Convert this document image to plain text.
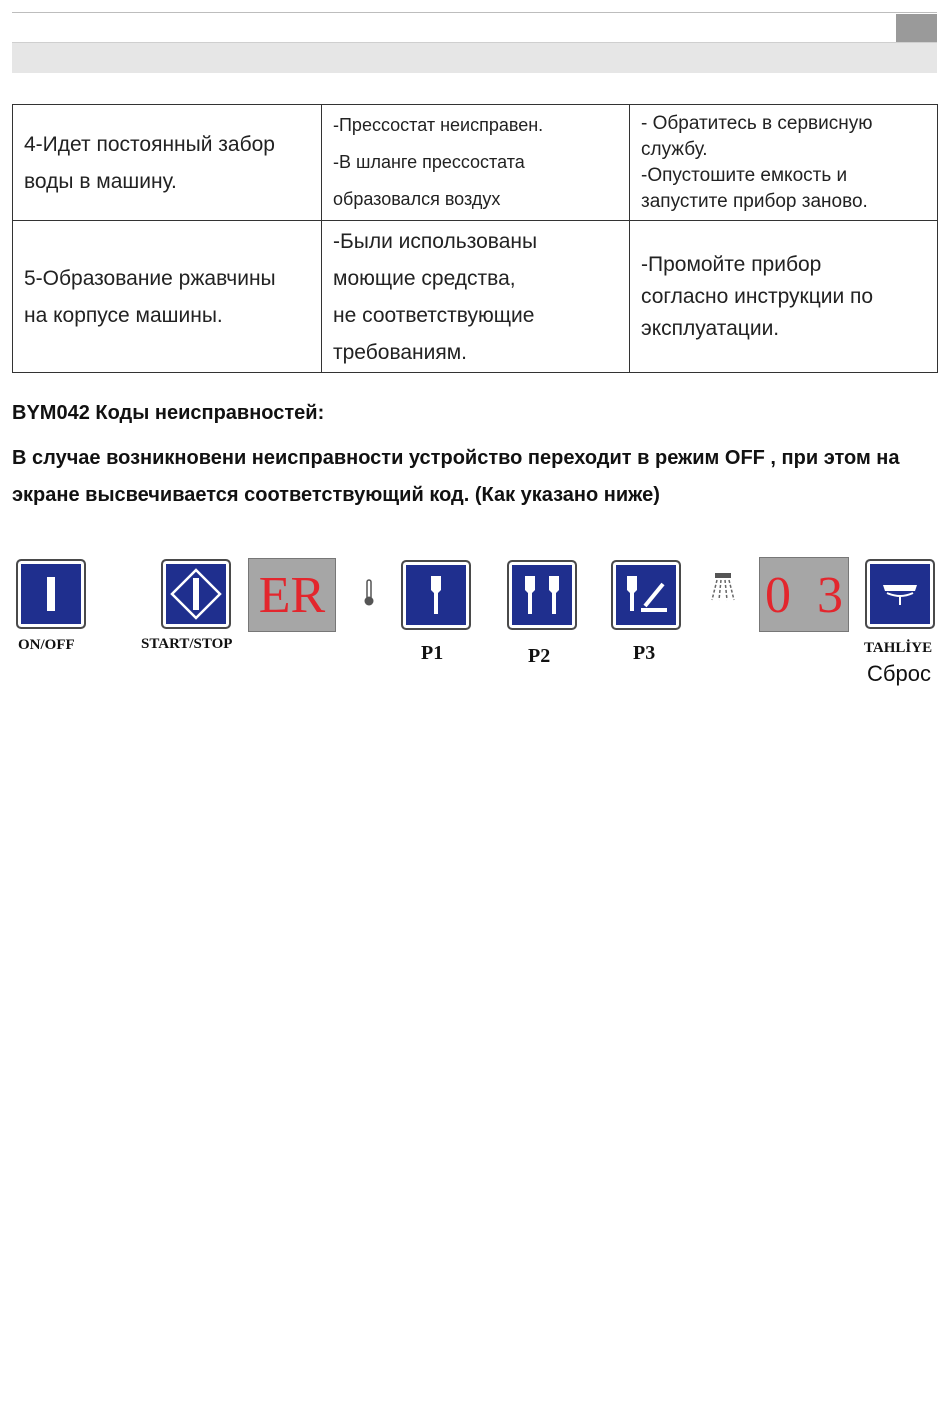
4-Идет постоянный забор
воды в машину.	-Прессостат неисправен.
-В шланге прессостата
образовался воздух	- Обратитесь в сервисную
службу.
-Опустошите емкость и
запустите прибор заново.

5-Образование ржавчины
на корпусе машины.	-Были использованы
моющие средства,
не соответствующие
требованиям.	-Промойте прибор
согласно инструкции по
эксплуатации.
BYM042 Коды неисправностей:
В случае возникновени неисправности устройство переходит в режим OFF , при этом на экране высвечивается соответствующий код. (Как указано ниже)
ON/OFF	START/STOP
ER
P1	P2	P3
0  3
TAHLİYE
Сброс
